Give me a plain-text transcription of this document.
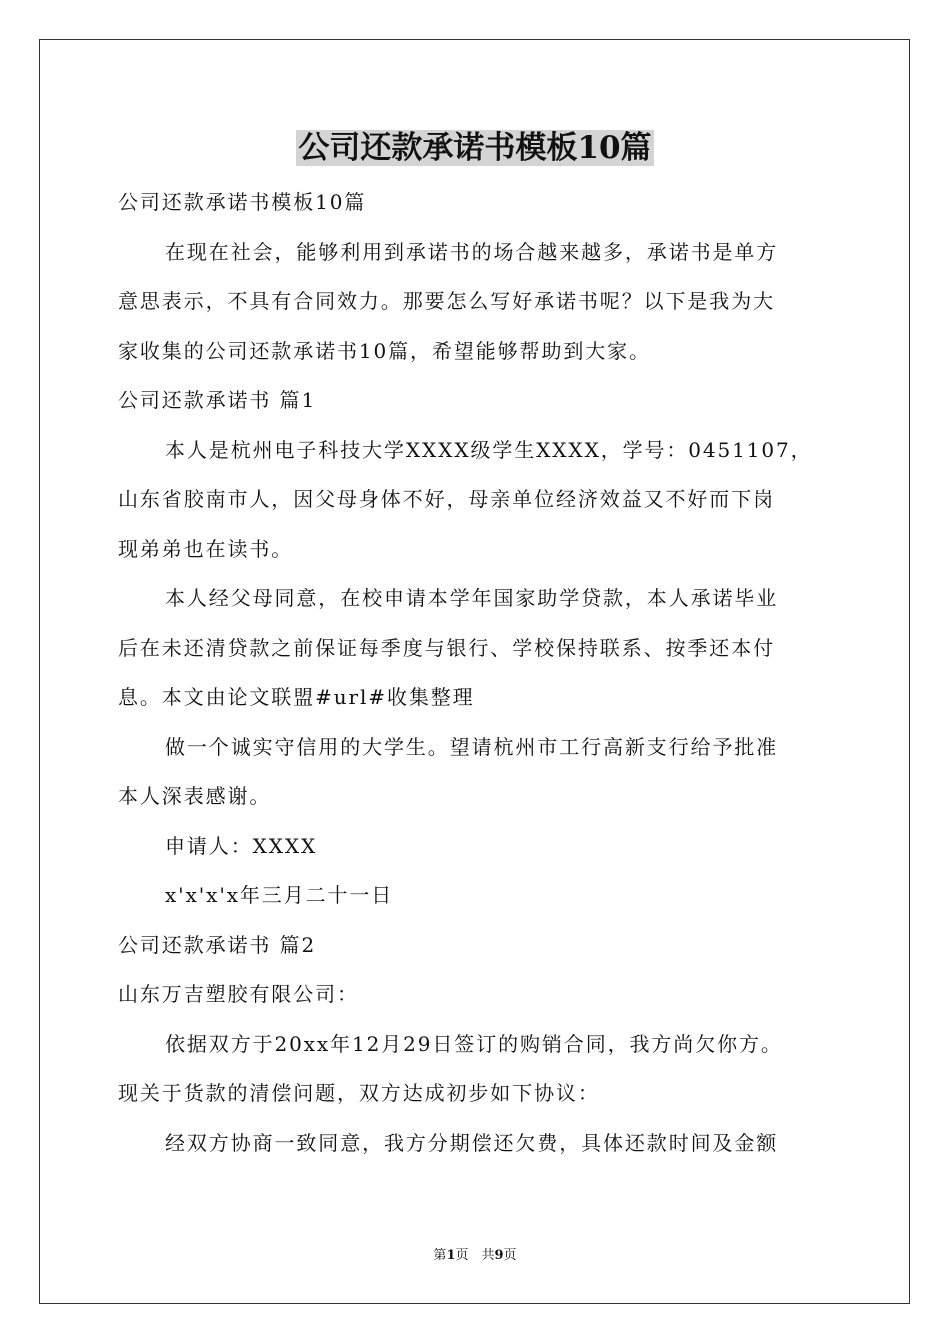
公司还款承诺书模板10篇
公司还款承诺书模板10篇
在现在社会，能够利用到承诺书的场合越来越多，承诺书是单方
意思表示，不具有合同效力。那要怎么写好承诺书呢？以下是我为大
家收集的公司还款承诺书10篇，希望能够帮助到大家。
公司还款承诺书 篇1
本人是杭州电子科技大学XXXX级学生XXXX，学号：0451107，
山东省胶南市人，因父母身体不好，母亲单位经济效益又不好而下岗
现弟弟也在读书。
本人经父母同意，在校申请本学年国家助学贷款，本人承诺毕业
后在未还清贷款之前保证每季度与银行、学校保持联系、按季还本付
息。本文由论文联盟#url#收集整理
做一个诚实守信用的大学生。望请杭州市工行高新支行给予批准
本人深表感谢。
申请人：XXXX
x'x'x'x年三月二十一日
公司还款承诺书 篇2
山东万吉塑胶有限公司：
依据双方于20xx年12月29日签订的购销合同，我方尚欠你方。
现关于货款的清偿问题，双方达成初步如下协议：
经双方协商一致同意，我方分期偿还欠费，具体还款时间及金额
第1页　共9页
